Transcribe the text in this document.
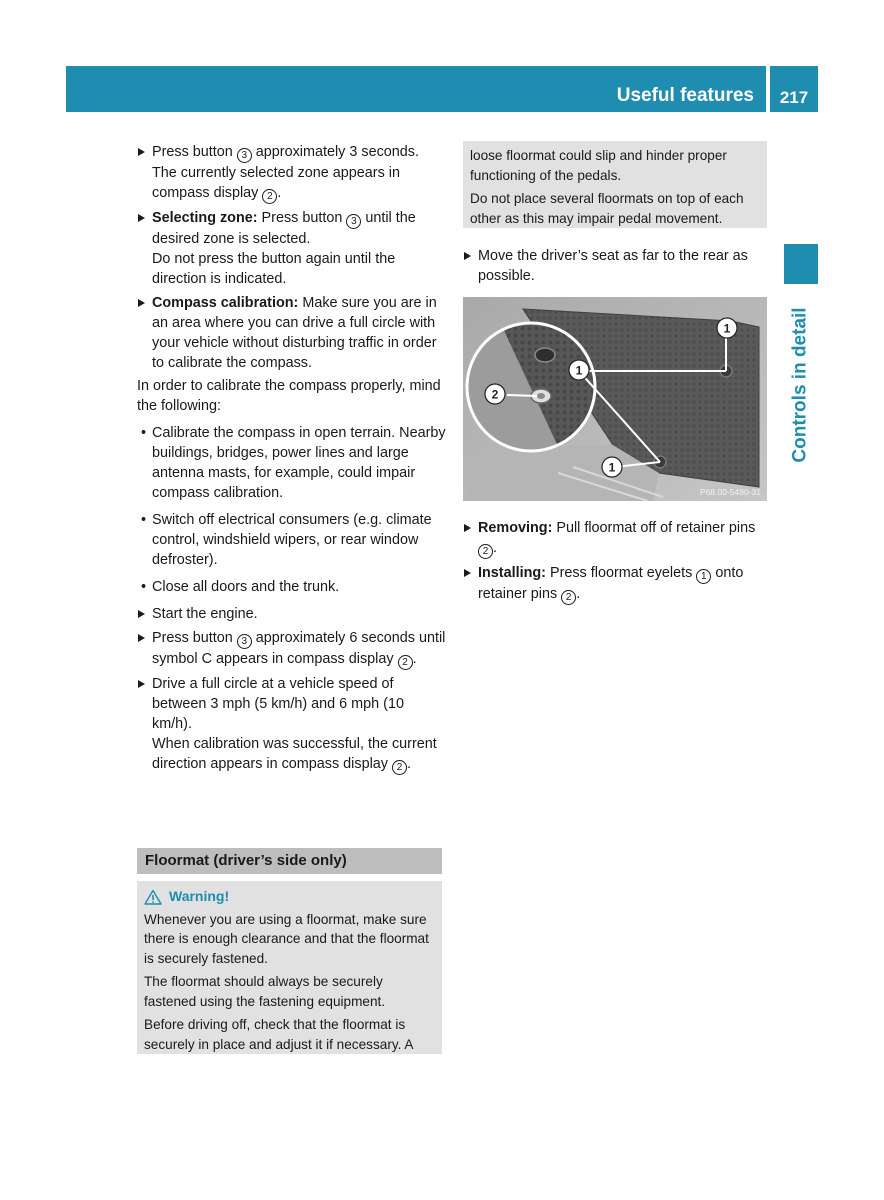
Useful features	217
Controls in detail
Press button 3 approximately 3 seconds. The currently selected zone appears in compass display 2 .
Selecting zone: Press button 3 until the desired zone is selected.
Do not press the button again until the direction is indicated.
Compass calibration: Make sure you are in an area where you can drive a full circle with your vehicle without disturbing traffic in order to calibrate the compass.
In order to calibrate the compass properly, mind the following:
• Calibrate the compass in open terrain. Nearby buildings, bridges, power lines and large antenna masts, for example, could impair compass calibration.
• Switch off electrical consumers (e.g. climate control, windshield wipers, or rear window defroster).
• Close all doors and the trunk.
Start the engine.
Press button 3 approximately 6 seconds until symbol C appears in compass display 2 .
Drive a full circle at a vehicle speed of between 3 mph (5 km/h) and 6 mph (10 km/h).
When calibration was successful, the current direction appears in compass display 2 .
Floormat (driver’s side only)
Warning!
Whenever you are using a floormat, make sure there is enough clearance and that the floormat is securely fastened.
The floormat should always be securely fastened using the fastening equipment.
Before driving off, check that the floormat is securely in place and adjust it if necessary. A
loose floormat could slip and hinder proper functioning of the pedals.
Do not place several floormats on top of each other as this may impair pedal movement.
Move the driver’s seat as far to the rear as possible.
1
1
1
2
P68.00-5480-31
Removing: Pull floormat off of retainer pins 2 .
Installing: Press floormat eyelets 1 onto retainer pins 2 .
